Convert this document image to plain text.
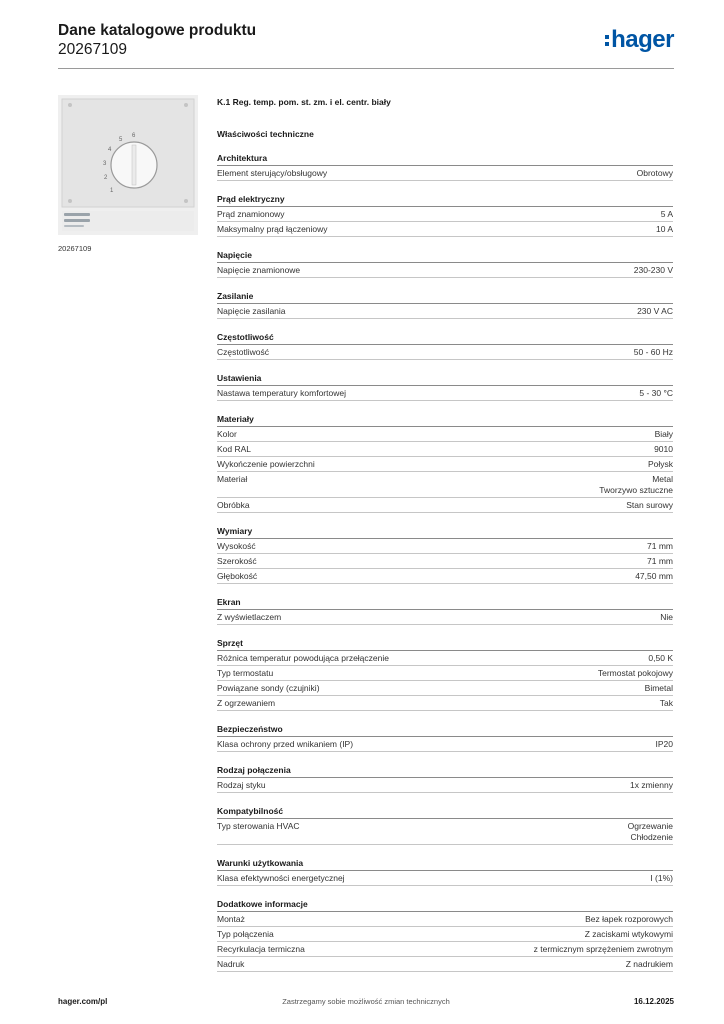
Dane katalogowe produktu
20267109	hager
1
2
3
4
5
6
20267109
K.1 Reg. temp. pom. st. zm. i el. centr. biały
Właściwości techniczne
Architektura
Element sterujący/obsługowy	Obrotowy
Prąd elektryczny
Prąd znamionowy	5 A
Maksymalny prąd łączeniowy	10 A
Napięcie
Napięcie znamionowe	230-230 V
Zasilanie
Napięcie zasilania	230 V AC
Częstotliwość
Częstotliwość	50 - 60 Hz
Ustawienia
Nastawa temperatury komfortowej	5 - 30 °C
Materiały
Kolor	Biały
Kod RAL	9010
Wykończenie powierzchni	Połysk
Materiał	Metal
Tworzywo sztuczne
Obróbka	Stan surowy
Wymiary
Wysokość	71 mm
Szerokość	71 mm
Głębokość	47,50 mm
Ekran
Z wyświetlaczem	Nie
Sprzęt
Różnica temperatur powodująca przełączenie	0,50 K
Typ termostatu	Termostat pokojowy
Powiązane sondy (czujniki)	Bimetal
Z ogrzewaniem	Tak
Bezpieczeństwo
Klasa ochrony przed wnikaniem (IP)	IP20
Rodzaj połączenia
Rodzaj styku	1x zmienny
Kompatybilność
Typ sterowania HVAC	Ogrzewanie
Chłodzenie
Warunki użytkowania
Klasa efektywności energetycznej	I (1%)
Dodatkowe informacje
Montaż	Bez łapek rozporowych
Typ połączenia	Z zaciskami wtykowymi
Recyrkulacja termiczna	z termicznym sprzężeniem zwrotnym
Nadruk	Z nadrukiem
hager.com/pl	Zastrzegamy sobie możliwość zmian technicznych	16.12.2025
